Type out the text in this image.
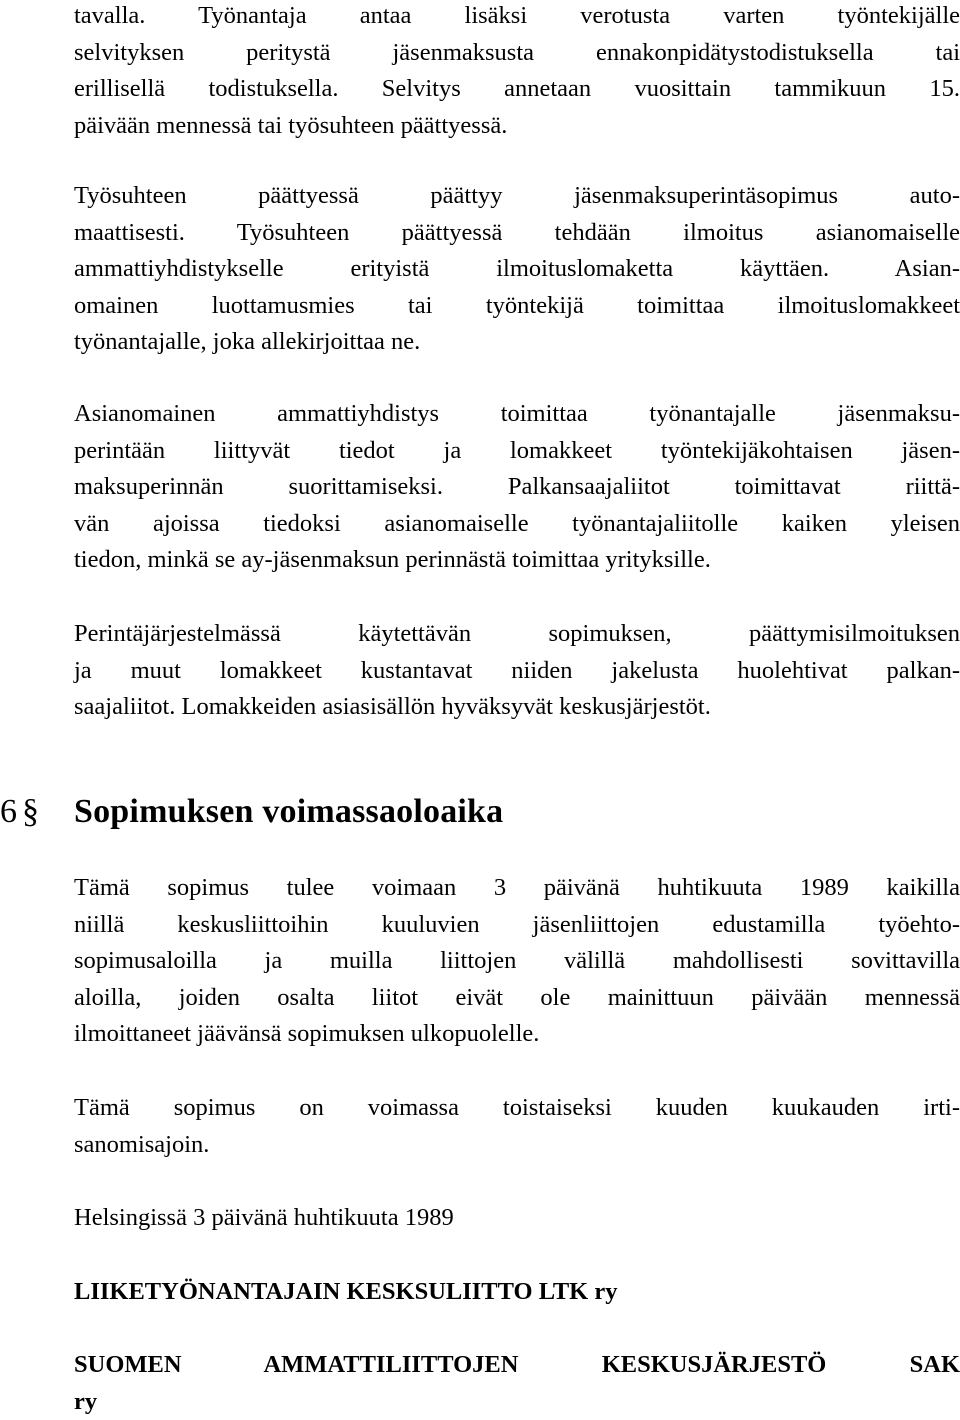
tavalla. Työnantaja antaa lisäksi verotusta varten työntekijälle
selvityksen peritystä jäsenmaksusta ennakonpidätystodistuksella tai
erillisellä todistuksella. Selvitys annetaan vuosittain tammikuun 15.
päivään mennessä tai työsuhteen päättyessä.
Työsuhteen päättyessä päättyy jäsenmaksuperintäsopimus auto-
maattisesti. Työsuhteen päättyessä tehdään ilmoitus asianomaiselle
ammattiyhdistykselle erityistä ilmoituslomaketta käyttäen. Asian-
omainen luottamusmies tai työntekijä toimittaa ilmoituslomakkeet
työnantajalle, joka allekirjoittaa ne.
Asianomainen ammattiyhdistys toimittaa työnantajalle jäsenmaksu-
perintään liittyvät tiedot ja lomakkeet työntekijäkohtaisen jäsen-
maksuperinnän suorittamiseksi. Palkansaajaliitot toimittavat riittä-
vän ajoissa tiedoksi asianomaiselle työnantajaliitolle kaiken yleisen
tiedon, minkä se ay-jäsenmaksun perinnästä toimittaa yrityksille.
Perintäjärjestelmässä käytettävän sopimuksen, päättymisilmoituksen
ja muut lomakkeet kustantavat niiden jakelusta huolehtivat palkan-
saajaliitot. Lomakkeiden asiasisällön hyväksyvät keskusjärjestöt.
6 § Sopimuksen voimassaoloaika
Tämä sopimus tulee voimaan 3 päivänä huhtikuuta 1989 kaikilla
niillä keskusliittoihin kuuluvien jäsenliittojen edustamilla työehto-
sopimusaloilla ja muilla liittojen välillä mahdollisesti sovittavilla
aloilla, joiden osalta liitot eivät ole mainittuun päivään mennessä
ilmoittaneet jäävänsä sopimuksen ulkopuolelle.
Tämä sopimus on voimassa toistaiseksi kuuden kuukauden irti-
sanomisajoin.
Helsingissä 3 päivänä huhtikuuta 1989
LIIKETYÖNANTAJAIN KESKSULIITTO LTK ry
SUOMEN AMMATTILIITTOJEN KESKUSJÄRJESTÖ SAK
ry
